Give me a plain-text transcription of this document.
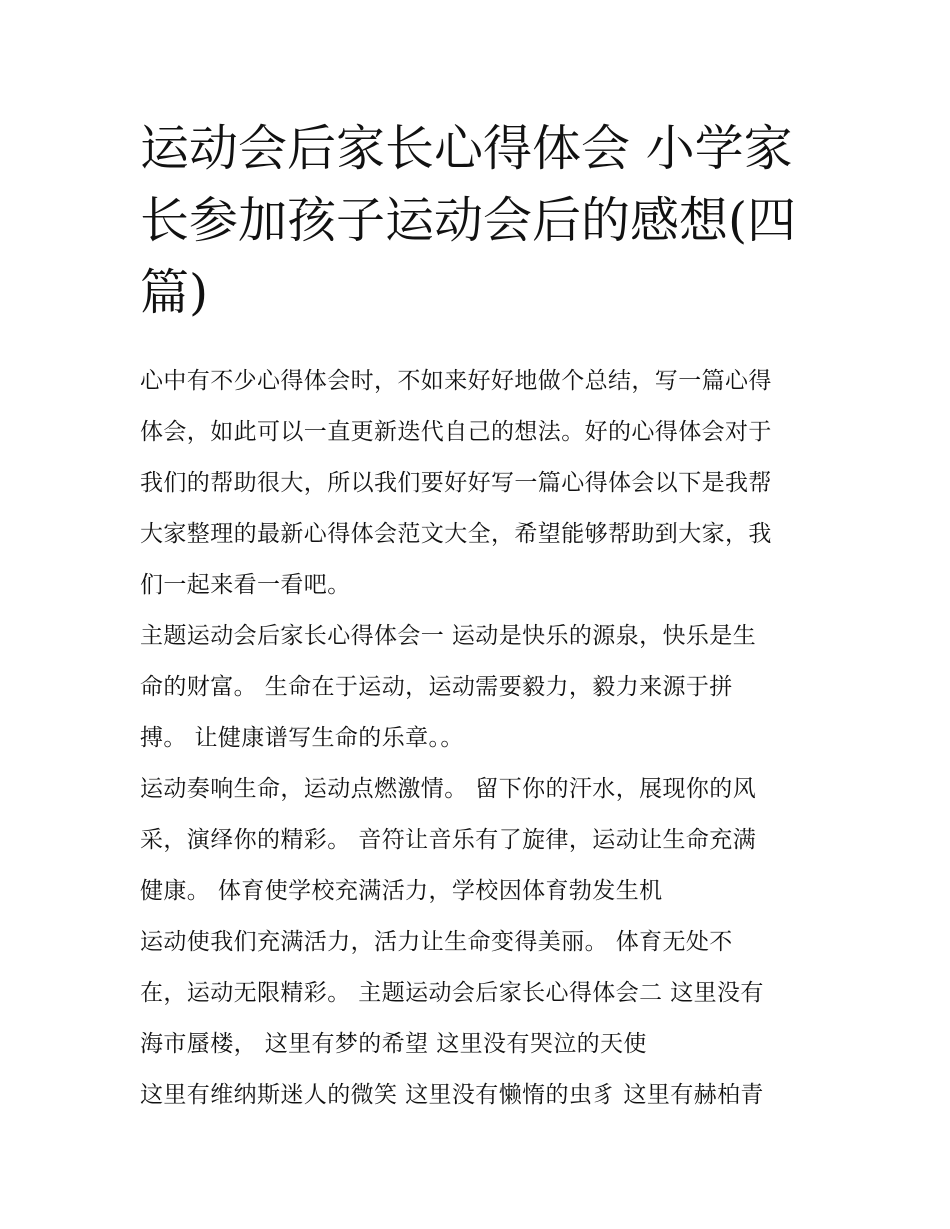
运动会后家长心得体会 小学家
长参加孩子运动会后的感想(四
篇)
心中有不少心得体会时，不如来好好地做个总结，写一篇心得
体会，如此可以一直更新迭代自己的想法。好的心得体会对于
我们的帮助很大，所以我们要好好写一篇心得体会以下是我帮
大家整理的最新心得体会范文大全，希望能够帮助到大家，我
们一起来看一看吧。
主题运动会后家长心得体会一 运动是快乐的源泉，快乐是生
命的财富。 生命在于运动，运动需要毅力，毅力来源于拼
搏。 让健康谱写生命的乐章。。
运动奏响生命，运动点燃激情。 留下你的汗水，展现你的风
采，演绎你的精彩。 音符让音乐有了旋律，运动让生命充满
健康。 体育使学校充满活力，学校因体育勃发生机
运动使我们充满活力，活力让生命变得美丽。 体育无处不
在，运动无限精彩。 主题运动会后家长心得体会二 这里没有
海市蜃楼， 这里有梦的希望 这里没有哭泣的天使
这里有维纳斯迷人的微笑 这里没有懒惰的虫豸 这里有赫柏青
